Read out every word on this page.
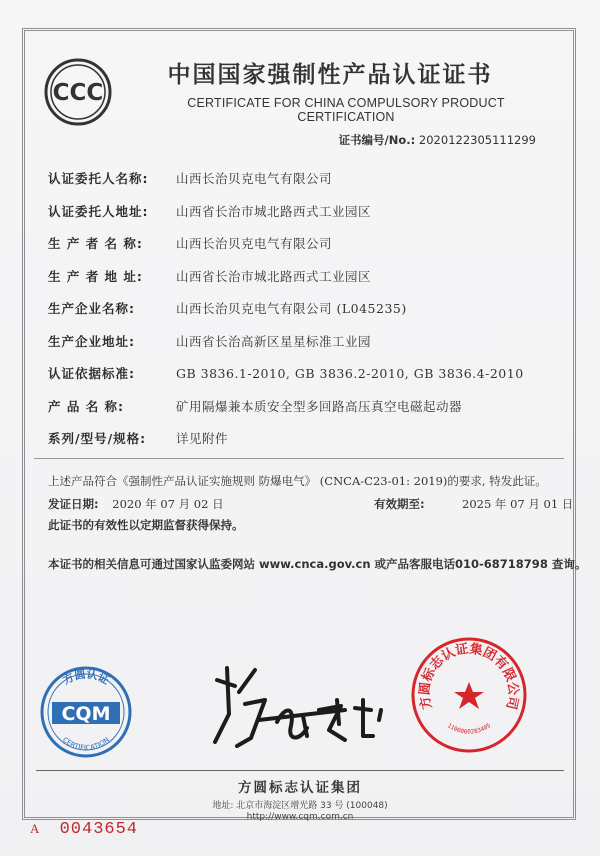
CCC
中国国家强制性产品认证证书
CERTIFICATE FOR CHINA COMPULSORY PRODUCT CERTIFICATION
证书编号/No.: 2020122305111299
认证委托人名称:	山西长治贝克电气有限公司
认证委托人地址:	山西省长治市城北路西式工业园区
生 产 者 名 称:	山西长治贝克电气有限公司
生 产 者 地 址:	山西省长治市城北路西式工业园区
生产企业名称:	山西长治贝克电气有限公司 (L045235)
生产企业地址:	山西省长治高新区星星标准工业园
认证依据标准:	GB 3836.1-2010, GB 3836.2-2010, GB 3836.4-2010
产 品 名 称:	矿用隔爆兼本质安全型多回路高压真空电磁起动器
系列/型号/规格:	详见附件
上述产品符合《强制性产品认证实施规则 防爆电气》 (CNCA-C23-01: 2019)的要求, 特发此证。
发证日期: 2020 年 07 月 02 日	有效期至:	2025 年 07 月 01 日
此证书的有效性以定期监督获得保持。
本证书的相关信息可通过国家认监委网站 www.cnca.gov.cn 或产品客服电话010-68718798 查询。
方圆认证
CQM
CERTIFICATION
方圆标志认证集团有限公司
1100000283405
方圆标志认证集团
地址: 北京市海淀区增光路 33 号 (100048)
http://www.cqm.com.cn
A 0043654
